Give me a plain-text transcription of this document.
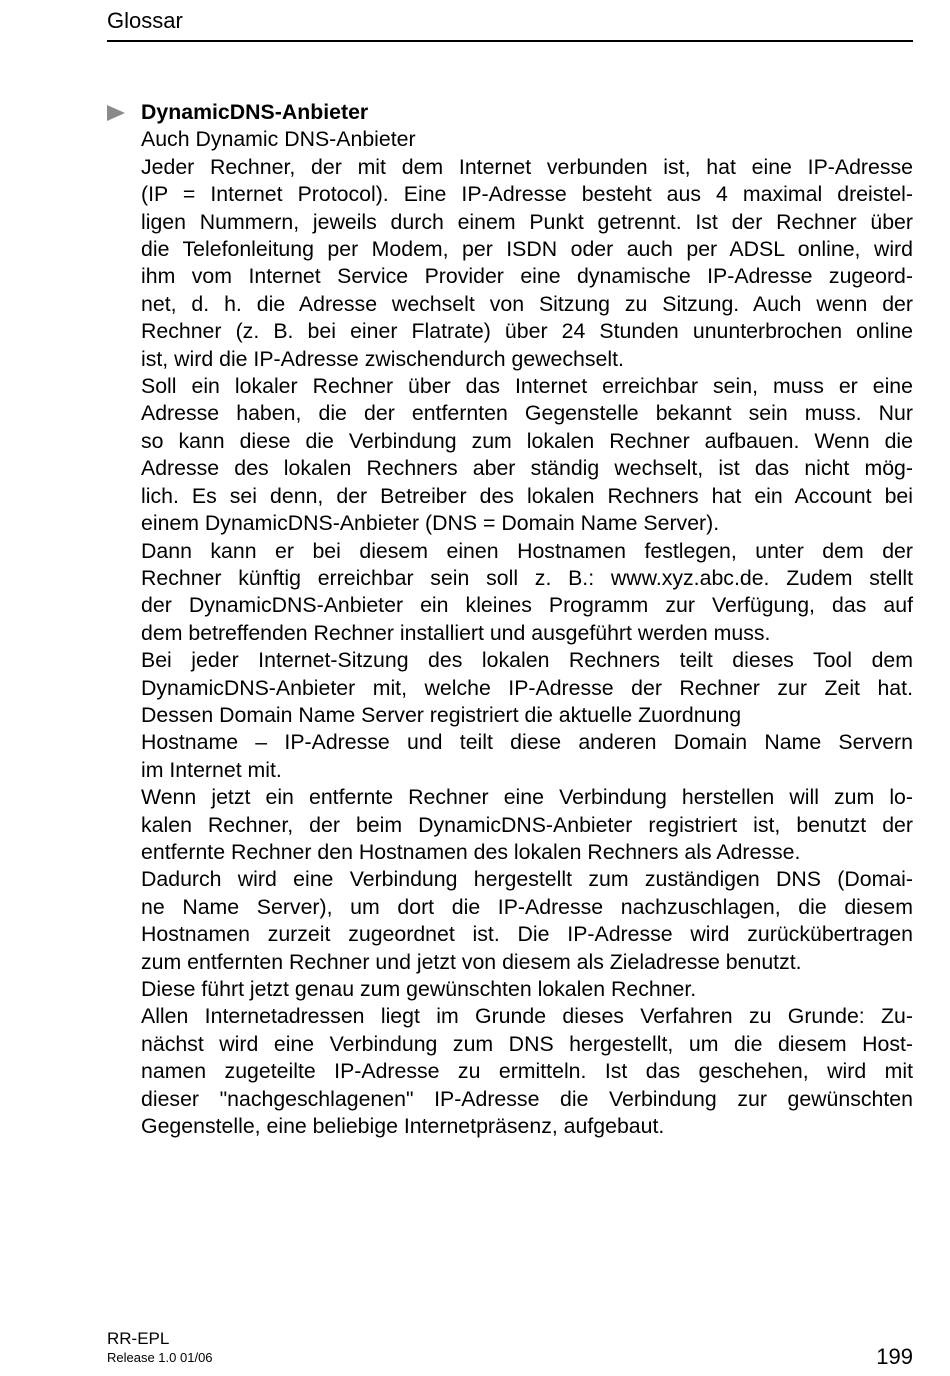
Glossar
DynamicDNS-Anbieter
Auch Dynamic DNS-Anbieter
Jeder Rechner, der mit dem Internet verbunden ist, hat eine IP-Adresse
(IP = Internet Protocol). Eine IP-Adresse besteht aus 4 maximal dreistel-
ligen Nummern, jeweils durch einem Punkt getrennt. Ist der Rechner über
die Telefonleitung per Modem, per ISDN oder auch per ADSL online, wird
ihm vom Internet Service Provider eine dynamische IP-Adresse zugeord-
net, d. h. die Adresse wechselt von Sitzung zu Sitzung. Auch wenn der
Rechner (z. B. bei einer Flatrate) über 24 Stunden ununterbrochen online
ist, wird die IP-Adresse zwischendurch gewechselt.
Soll ein lokaler Rechner über das Internet erreichbar sein, muss er eine
Adresse haben, die der entfernten Gegenstelle bekannt sein muss. Nur
so kann diese die Verbindung zum lokalen Rechner aufbauen. Wenn die
Adresse des lokalen Rechners aber ständig wechselt, ist das nicht mög-
lich. Es sei denn, der Betreiber des lokalen Rechners hat ein Account bei
einem DynamicDNS-Anbieter (DNS = Domain Name Server).
Dann kann er bei diesem einen Hostnamen festlegen, unter dem der
Rechner künftig erreichbar sein soll z. B.: www.xyz.abc.de. Zudem stellt
der DynamicDNS-Anbieter ein kleines Programm zur Verfügung, das auf
dem betreffenden Rechner installiert und ausgeführt werden muss.
Bei jeder Internet-Sitzung des lokalen Rechners teilt dieses Tool dem
DynamicDNS-Anbieter mit, welche IP-Adresse der Rechner zur Zeit hat.
Dessen Domain Name Server registriert die aktuelle Zuordnung
Hostname – IP-Adresse und teilt diese anderen Domain Name Servern
im Internet mit.
Wenn jetzt ein entfernte Rechner eine Verbindung herstellen will zum lo-
kalen Rechner, der beim DynamicDNS-Anbieter registriert ist, benutzt der
entfernte Rechner den Hostnamen des lokalen Rechners als Adresse.
Dadurch wird eine Verbindung hergestellt zum zuständigen DNS (Domai-
ne Name Server), um dort die IP-Adresse nachzuschlagen, die diesem
Hostnamen zurzeit zugeordnet ist. Die IP-Adresse wird zurückübertragen
zum entfernten Rechner und jetzt von diesem als Zieladresse benutzt.
Diese führt jetzt genau zum gewünschten lokalen Rechner.
Allen Internetadressen liegt im Grunde dieses Verfahren zu Grunde: Zu-
nächst wird eine Verbindung zum DNS hergestellt, um die diesem Host-
namen zugeteilte IP-Adresse zu ermitteln. Ist das geschehen, wird mit
dieser "nachgeschlagenen" IP-Adresse die Verbindung zur gewünschten
Gegenstelle, eine beliebige Internetpräsenz, aufgebaut.
RR-EPL
Release 1.0 01/06	199
